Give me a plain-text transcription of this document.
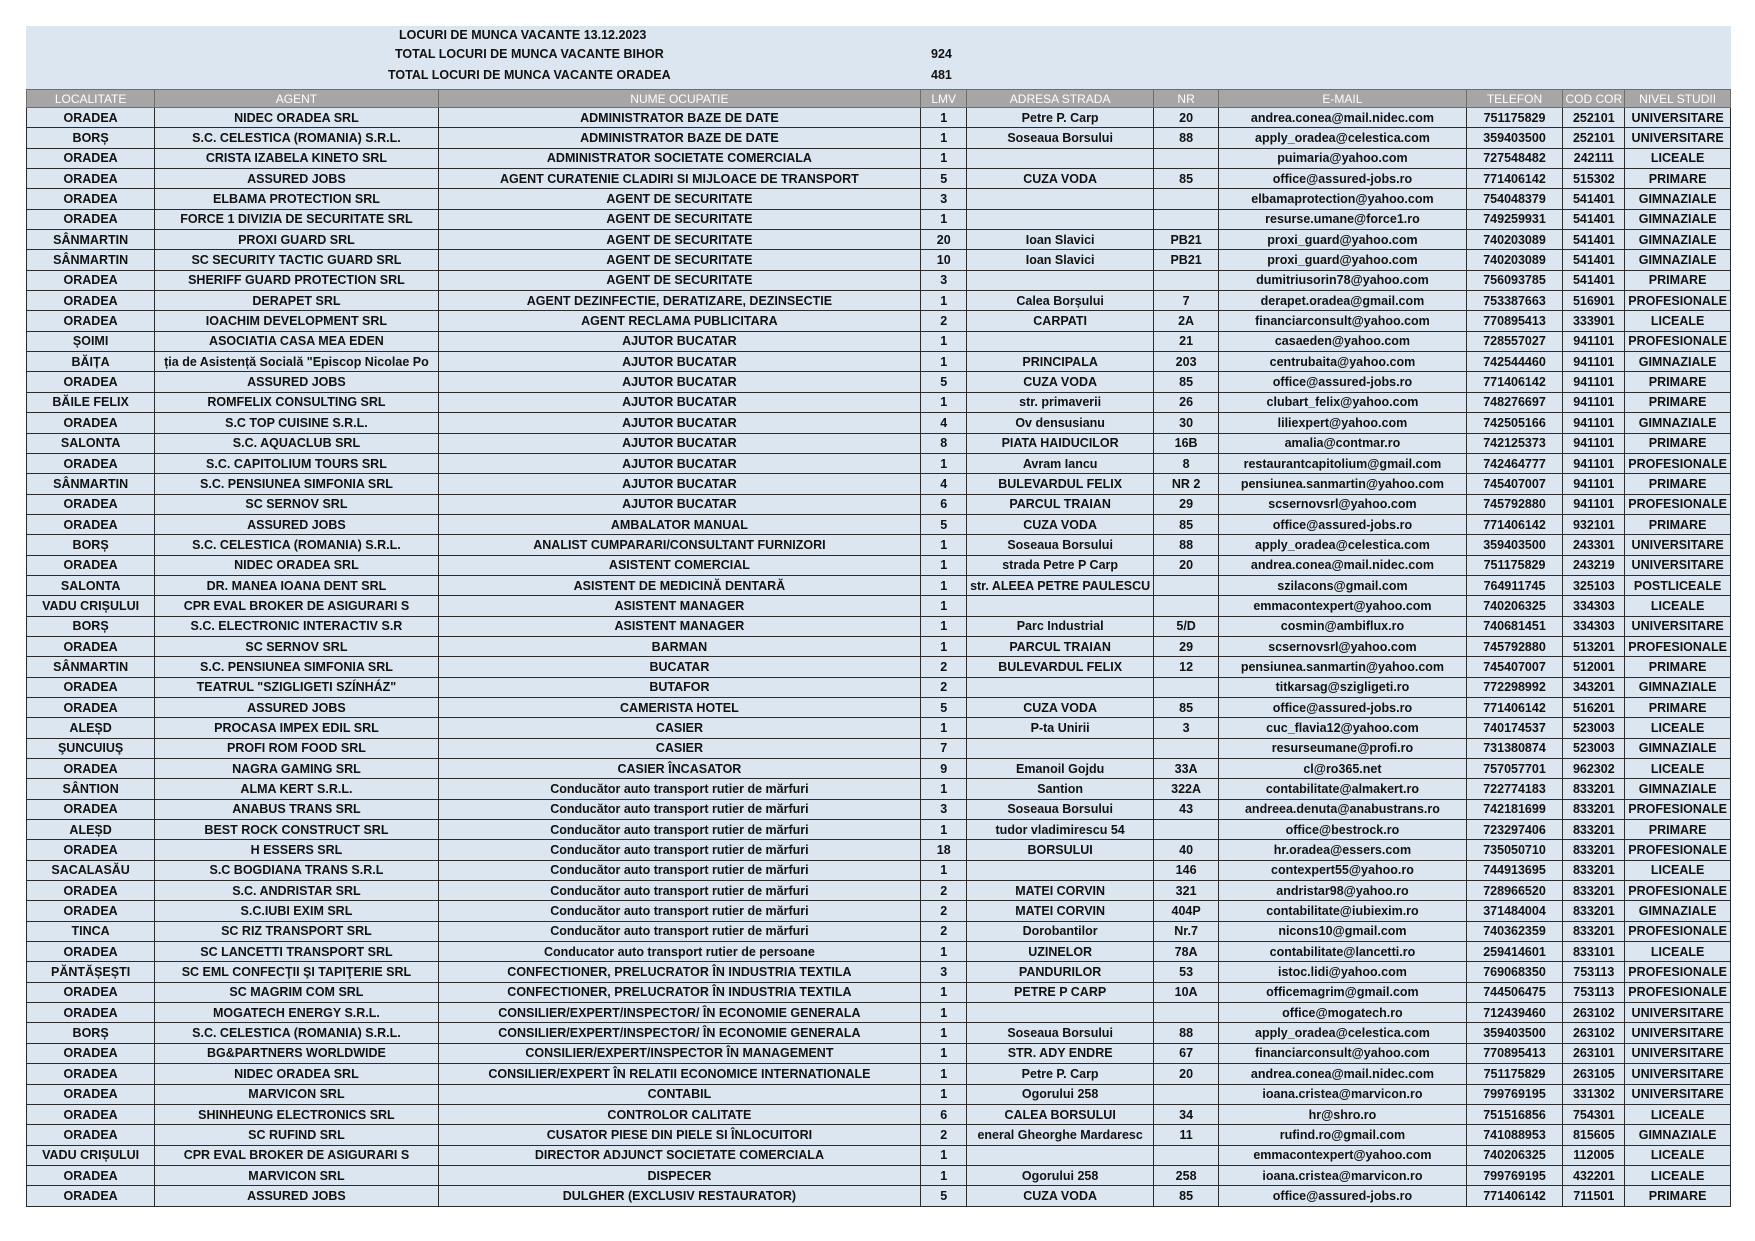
LOCURI DE MUNCA VACANTE 13.12.2023
TOTAL LOCURI DE MUNCA VACANTE BIHOR	924
TOTAL LOCURI DE MUNCA VACANTE ORADEA	481
LOCALITATE	AGENT	NUME OCUPATIE	LMV	ADRESA STRADA	NR	E-MAIL	TELEFON	COD COR	NIVEL STUDII
ORADEA	NIDEC ORADEA SRL	ADMINISTRATOR BAZE DE DATE	1	Petre P. Carp	20	andrea.conea@mail.nidec.com	751175829	252101	UNIVERSITARE
BORȘ	S.C. CELESTICA (ROMANIA) S.R.L.	ADMINISTRATOR BAZE DE DATE	1	Soseaua Borsului	88	apply_oradea@celestica.com	359403500	252101	UNIVERSITARE
ORADEA	CRISTA IZABELA KINETO SRL	ADMINISTRATOR SOCIETATE COMERCIALA	1			puimaria@yahoo.com	727548482	242111	LICEALE
ORADEA	ASSURED JOBS	AGENT CURATENIE CLADIRI SI MIJLOACE DE TRANSPORT	5	CUZA VODA	85	office@assured-jobs.ro	771406142	515302	PRIMARE
ORADEA	ELBAMA PROTECTION SRL	AGENT DE SECURITATE	3			elbamaprotection@yahoo.com	754048379	541401	GIMNAZIALE
ORADEA	FORCE 1 DIVIZIA DE SECURITATE SRL	AGENT DE SECURITATE	1			resurse.umane@force1.ro	749259931	541401	GIMNAZIALE
SÂNMARTIN	PROXI GUARD SRL	AGENT DE SECURITATE	20	Ioan Slavici	PB21	proxi_guard@yahoo.com	740203089	541401	GIMNAZIALE
SÂNMARTIN	SC SECURITY TACTIC GUARD SRL	AGENT DE SECURITATE	10	Ioan Slavici	PB21	proxi_guard@yahoo.com	740203089	541401	GIMNAZIALE
ORADEA	SHERIFF GUARD PROTECTION SRL	AGENT DE SECURITATE	3			dumitriusorin78@yahoo.com	756093785	541401	PRIMARE
ORADEA	DERAPET SRL	AGENT DEZINFECTIE, DERATIZARE, DEZINSECTIE	1	Calea Borșului	7	derapet.oradea@gmail.com	753387663	516901	PROFESIONALE
ORADEA	IOACHIM DEVELOPMENT SRL	AGENT RECLAMA PUBLICITARA	2	CARPATI	2A	financiarconsult@yahoo.com	770895413	333901	LICEALE
ȘOIMI	ASOCIATIA CASA MEA EDEN	AJUTOR BUCATAR	1		21	casaeden@yahoo.com	728557027	941101	PROFESIONALE
BĂIȚA	ția de Asistență Socială "Episcop Nicolae Po	AJUTOR BUCATAR	1	PRINCIPALA	203	centrubaita@yahoo.com	742544460	941101	GIMNAZIALE
ORADEA	ASSURED JOBS	AJUTOR BUCATAR	5	CUZA VODA	85	office@assured-jobs.ro	771406142	941101	PRIMARE
BĂILE FELIX	ROMFELIX CONSULTING SRL	AJUTOR BUCATAR	1	str. primaverii	26	clubart_felix@yahoo.com	748276697	941101	PRIMARE
ORADEA	S.C TOP CUISINE S.R.L.	AJUTOR BUCATAR	4	Ov densusianu	30	liliexpert@yahoo.com	742505166	941101	GIMNAZIALE
SALONTA	S.C. AQUACLUB SRL	AJUTOR BUCATAR	8	PIATA HAIDUCILOR	16B	amalia@contmar.ro	742125373	941101	PRIMARE
ORADEA	S.C. CAPITOLIUM TOURS SRL	AJUTOR BUCATAR	1	Avram Iancu	8	restaurantcapitolium@gmail.com	742464777	941101	PROFESIONALE
SÂNMARTIN	S.C. PENSIUNEA SIMFONIA SRL	AJUTOR BUCATAR	4	BULEVARDUL FELIX	NR 2	pensiunea.sanmartin@yahoo.com	745407007	941101	PRIMARE
ORADEA	SC SERNOV SRL	AJUTOR BUCATAR	6	PARCUL TRAIAN	29	scsernovsrl@yahoo.com	745792880	941101	PROFESIONALE
ORADEA	ASSURED JOBS	AMBALATOR MANUAL	5	CUZA VODA	85	office@assured-jobs.ro	771406142	932101	PRIMARE
BORȘ	S.C. CELESTICA (ROMANIA) S.R.L.	ANALIST CUMPARARI/CONSULTANT FURNIZORI	1	Soseaua Borsului	88	apply_oradea@celestica.com	359403500	243301	UNIVERSITARE
ORADEA	NIDEC ORADEA SRL	ASISTENT COMERCIAL	1	strada Petre P Carp	20	andrea.conea@mail.nidec.com	751175829	243219	UNIVERSITARE
SALONTA	DR. MANEA IOANA DENT SRL	ASISTENT DE MEDICINĂ DENTARĂ	1	str. ALEEA PETRE PAULESCU		szilacons@gmail.com	764911745	325103	POSTLICEALE
VADU CRIȘULUI	CPR EVAL BROKER DE ASIGURARI S	ASISTENT MANAGER	1			emmacontexpert@yahoo.com	740206325	334303	LICEALE
BORȘ	S.C. ELECTRONIC INTERACTIV S.R	ASISTENT MANAGER	1	Parc Industrial	5/D	cosmin@ambiflux.ro	740681451	334303	UNIVERSITARE
ORADEA	SC SERNOV SRL	BARMAN	1	PARCUL TRAIAN	29	scsernovsrl@yahoo.com	745792880	513201	PROFESIONALE
SÂNMARTIN	S.C. PENSIUNEA SIMFONIA SRL	BUCATAR	2	BULEVARDUL FELIX	12	pensiunea.sanmartin@yahoo.com	745407007	512001	PRIMARE
ORADEA	TEATRUL "SZIGLIGETI SZÍNHÁZ"	BUTAFOR	2			titkarsag@szigligeti.ro	772298992	343201	GIMNAZIALE
ORADEA	ASSURED JOBS	CAMERISTA HOTEL	5	CUZA VODA	85	office@assured-jobs.ro	771406142	516201	PRIMARE
ALEȘD	PROCASA IMPEX EDIL SRL	CASIER	1	P-ta Unirii	3	cuc_flavia12@yahoo.com	740174537	523003	LICEALE
ŞUNCUIUŞ	PROFI ROM FOOD SRL	CASIER	7			resurseumane@profi.ro	731380874	523003	GIMNAZIALE
ORADEA	NAGRA GAMING SRL	CASIER ÎNCASATOR	9	Emanoil Gojdu	33A	cl@ro365.net	757057701	962302	LICEALE
SÂNTION	ALMA KERT S.R.L.	Conducător auto transport rutier de mărfuri	1	Santion	322A	contabilitate@almakert.ro	722774183	833201	GIMNAZIALE
ORADEA	ANABUS TRANS SRL	Conducător auto transport rutier de mărfuri	3	Soseaua Borsului	43	andreea.denuta@anabustrans.ro	742181699	833201	PROFESIONALE
ALEȘD	BEST ROCK CONSTRUCT SRL	Conducător auto transport rutier de mărfuri	1	tudor vladimirescu 54		office@bestrock.ro	723297406	833201	PRIMARE
ORADEA	H ESSERS SRL	Conducător auto transport rutier de mărfuri	18	BORSULUI	40	hr.oradea@essers.com	735050710	833201	PROFESIONALE
SACALASĂU	S.C BOGDIANA TRANS S.R.L	Conducător auto transport rutier de mărfuri	1		146	contexpert55@yahoo.ro	744913695	833201	LICEALE
ORADEA	S.C. ANDRISTAR SRL	Conducător auto transport rutier de mărfuri	2	MATEI CORVIN	321	andristar98@yahoo.ro	728966520	833201	PROFESIONALE
ORADEA	S.C.IUBI EXIM SRL	Conducător auto transport rutier de mărfuri	2	MATEI CORVIN	404P	contabilitate@iubiexim.ro	371484004	833201	GIMNAZIALE
TINCA	SC RIZ TRANSPORT SRL	Conducător auto transport rutier de mărfuri	2	Dorobantilor	Nr.7	nicons10@gmail.com	740362359	833201	PROFESIONALE
ORADEA	SC LANCETTI TRANSPORT SRL	Conducator auto transport rutier de persoane	1	UZINELOR	78A	contabilitate@lancetti.ro	259414601	833101	LICEALE
PĂNTĂȘEȘTI	SC EML CONFECŢII ŞI TAPIŢERIE SRL	CONFECTIONER, PRELUCRATOR ÎN INDUSTRIA TEXTILA	3	PANDURILOR	53	istoc.lidi@yahoo.com	769068350	753113	PROFESIONALE
ORADEA	SC MAGRIM COM SRL	CONFECTIONER, PRELUCRATOR ÎN INDUSTRIA TEXTILA	1	PETRE P CARP	10A	officemagrim@gmail.com	744506475	753113	PROFESIONALE
ORADEA	MOGATECH ENERGY S.R.L.	CONSILIER/EXPERT/INSPECTOR/ ÎN ECONOMIE GENERALA	1			office@mogatech.ro	712439460	263102	UNIVERSITARE
BORȘ	S.C. CELESTICA (ROMANIA) S.R.L.	CONSILIER/EXPERT/INSPECTOR/ ÎN ECONOMIE GENERALA	1	Soseaua Borsului	88	apply_oradea@celestica.com	359403500	263102	UNIVERSITARE
ORADEA	BG&PARTNERS WORLDWIDE	CONSILIER/EXPERT/INSPECTOR ÎN MANAGEMENT	1	STR. ADY ENDRE	67	financiarconsult@yahoo.com	770895413	263101	UNIVERSITARE
ORADEA	NIDEC ORADEA SRL	CONSILIER/EXPERT ÎN RELATII ECONOMICE INTERNATIONALE	1	Petre P. Carp	20	andrea.conea@mail.nidec.com	751175829	263105	UNIVERSITARE
ORADEA	MARVICON SRL	CONTABIL	1	Ogorului 258		ioana.cristea@marvicon.ro	799769195	331302	UNIVERSITARE
ORADEA	SHINHEUNG ELECTRONICS SRL	CONTROLOR CALITATE	6	CALEA BORSULUI	34	hr@shro.ro	751516856	754301	LICEALE
ORADEA	SC RUFIND SRL	CUSATOR PIESE DIN PIELE SI ÎNLOCUITORI	2	eneral Gheorghe Mardaresc	11	rufind.ro@gmail.com	741088953	815605	GIMNAZIALE
VADU CRIȘULUI	CPR EVAL BROKER DE ASIGURARI S	DIRECTOR ADJUNCT SOCIETATE COMERCIALA	1			emmacontexpert@yahoo.com	740206325	112005	LICEALE
ORADEA	MARVICON SRL	DISPECER	1	Ogorului 258	258	ioana.cristea@marvicon.ro	799769195	432201	LICEALE
ORADEA	ASSURED JOBS	DULGHER (EXCLUSIV RESTAURATOR)	5	CUZA VODA	85	office@assured-jobs.ro	771406142	711501	PRIMARE
